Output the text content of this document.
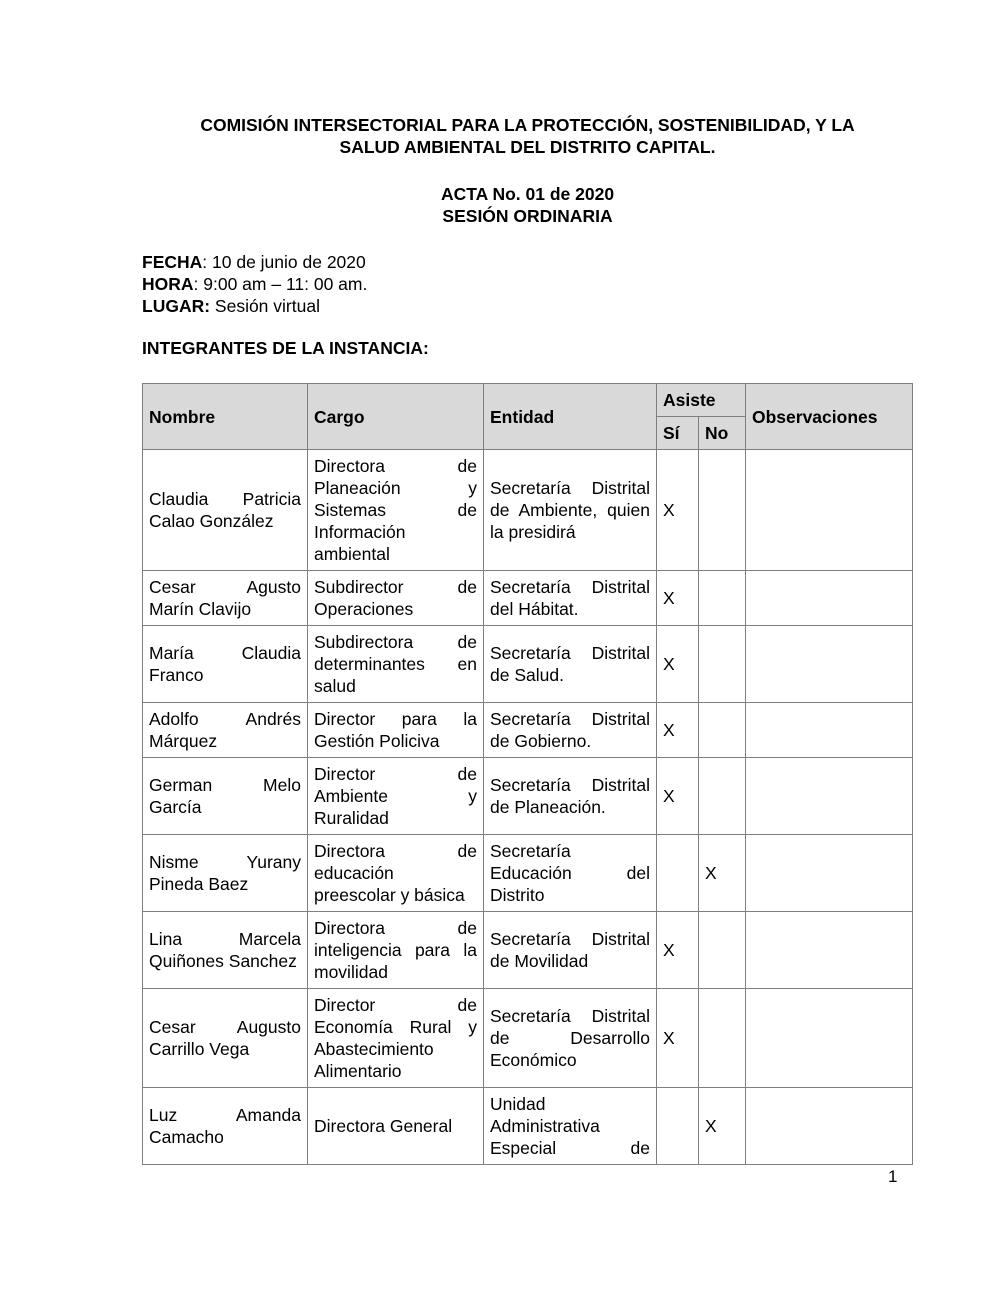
COMISIÓN INTERSECTORIAL PARA LA PROTECCIÓN, SOSTENIBILIDAD, Y LA
SALUD AMBIENTAL DEL DISTRITO CAPITAL.
ACTA No. 01 de 2020
SESIÓN ORDINARIA
FECHA: 10 de junio de 2020
HORA: 9:00 am – 11: 00 am.
LUGAR: Sesión virtual
INTEGRANTES DE LA INSTANCIA:
Nombre	Cargo	Entidad	Asiste		Observaciones
			Sí	No	
Claudia Patricia Calao González	Directora de Planeación y Sistemas de Información ambiental	Secretaría Distrital de Ambiente, quien la presidirá	X		
Cesar Agusto Marín Clavijo	Subdirector de Operaciones	Secretaría Distrital del Hábitat.	X		
María Claudia Franco	Subdirectora de determinantes en salud	Secretaría Distrital de Salud.	X		
Adolfo Andrés Márquez	Director para la Gestión Policiva	Secretaría Distrital de Gobierno.	X		
German Melo García	Director de Ambiente y Ruralidad	Secretaría Distrital de Planeación.	X		
Nisme Yurany Pineda Baez	Directora de educación preescolar y básica	Secretaría Educación del Distrito		X	
Lina Marcela Quiñones Sanchez	Directora de inteligencia para la movilidad	Secretaría Distrital de Movilidad	X		
Cesar Augusto Carrillo Vega	Director de Economía Rural y Abastecimiento Alimentario	Secretaría Distrital de Desarrollo Económico	X		
Luz Amanda Camacho	Directora General	Unidad Administrativa Especial de		X	
1
